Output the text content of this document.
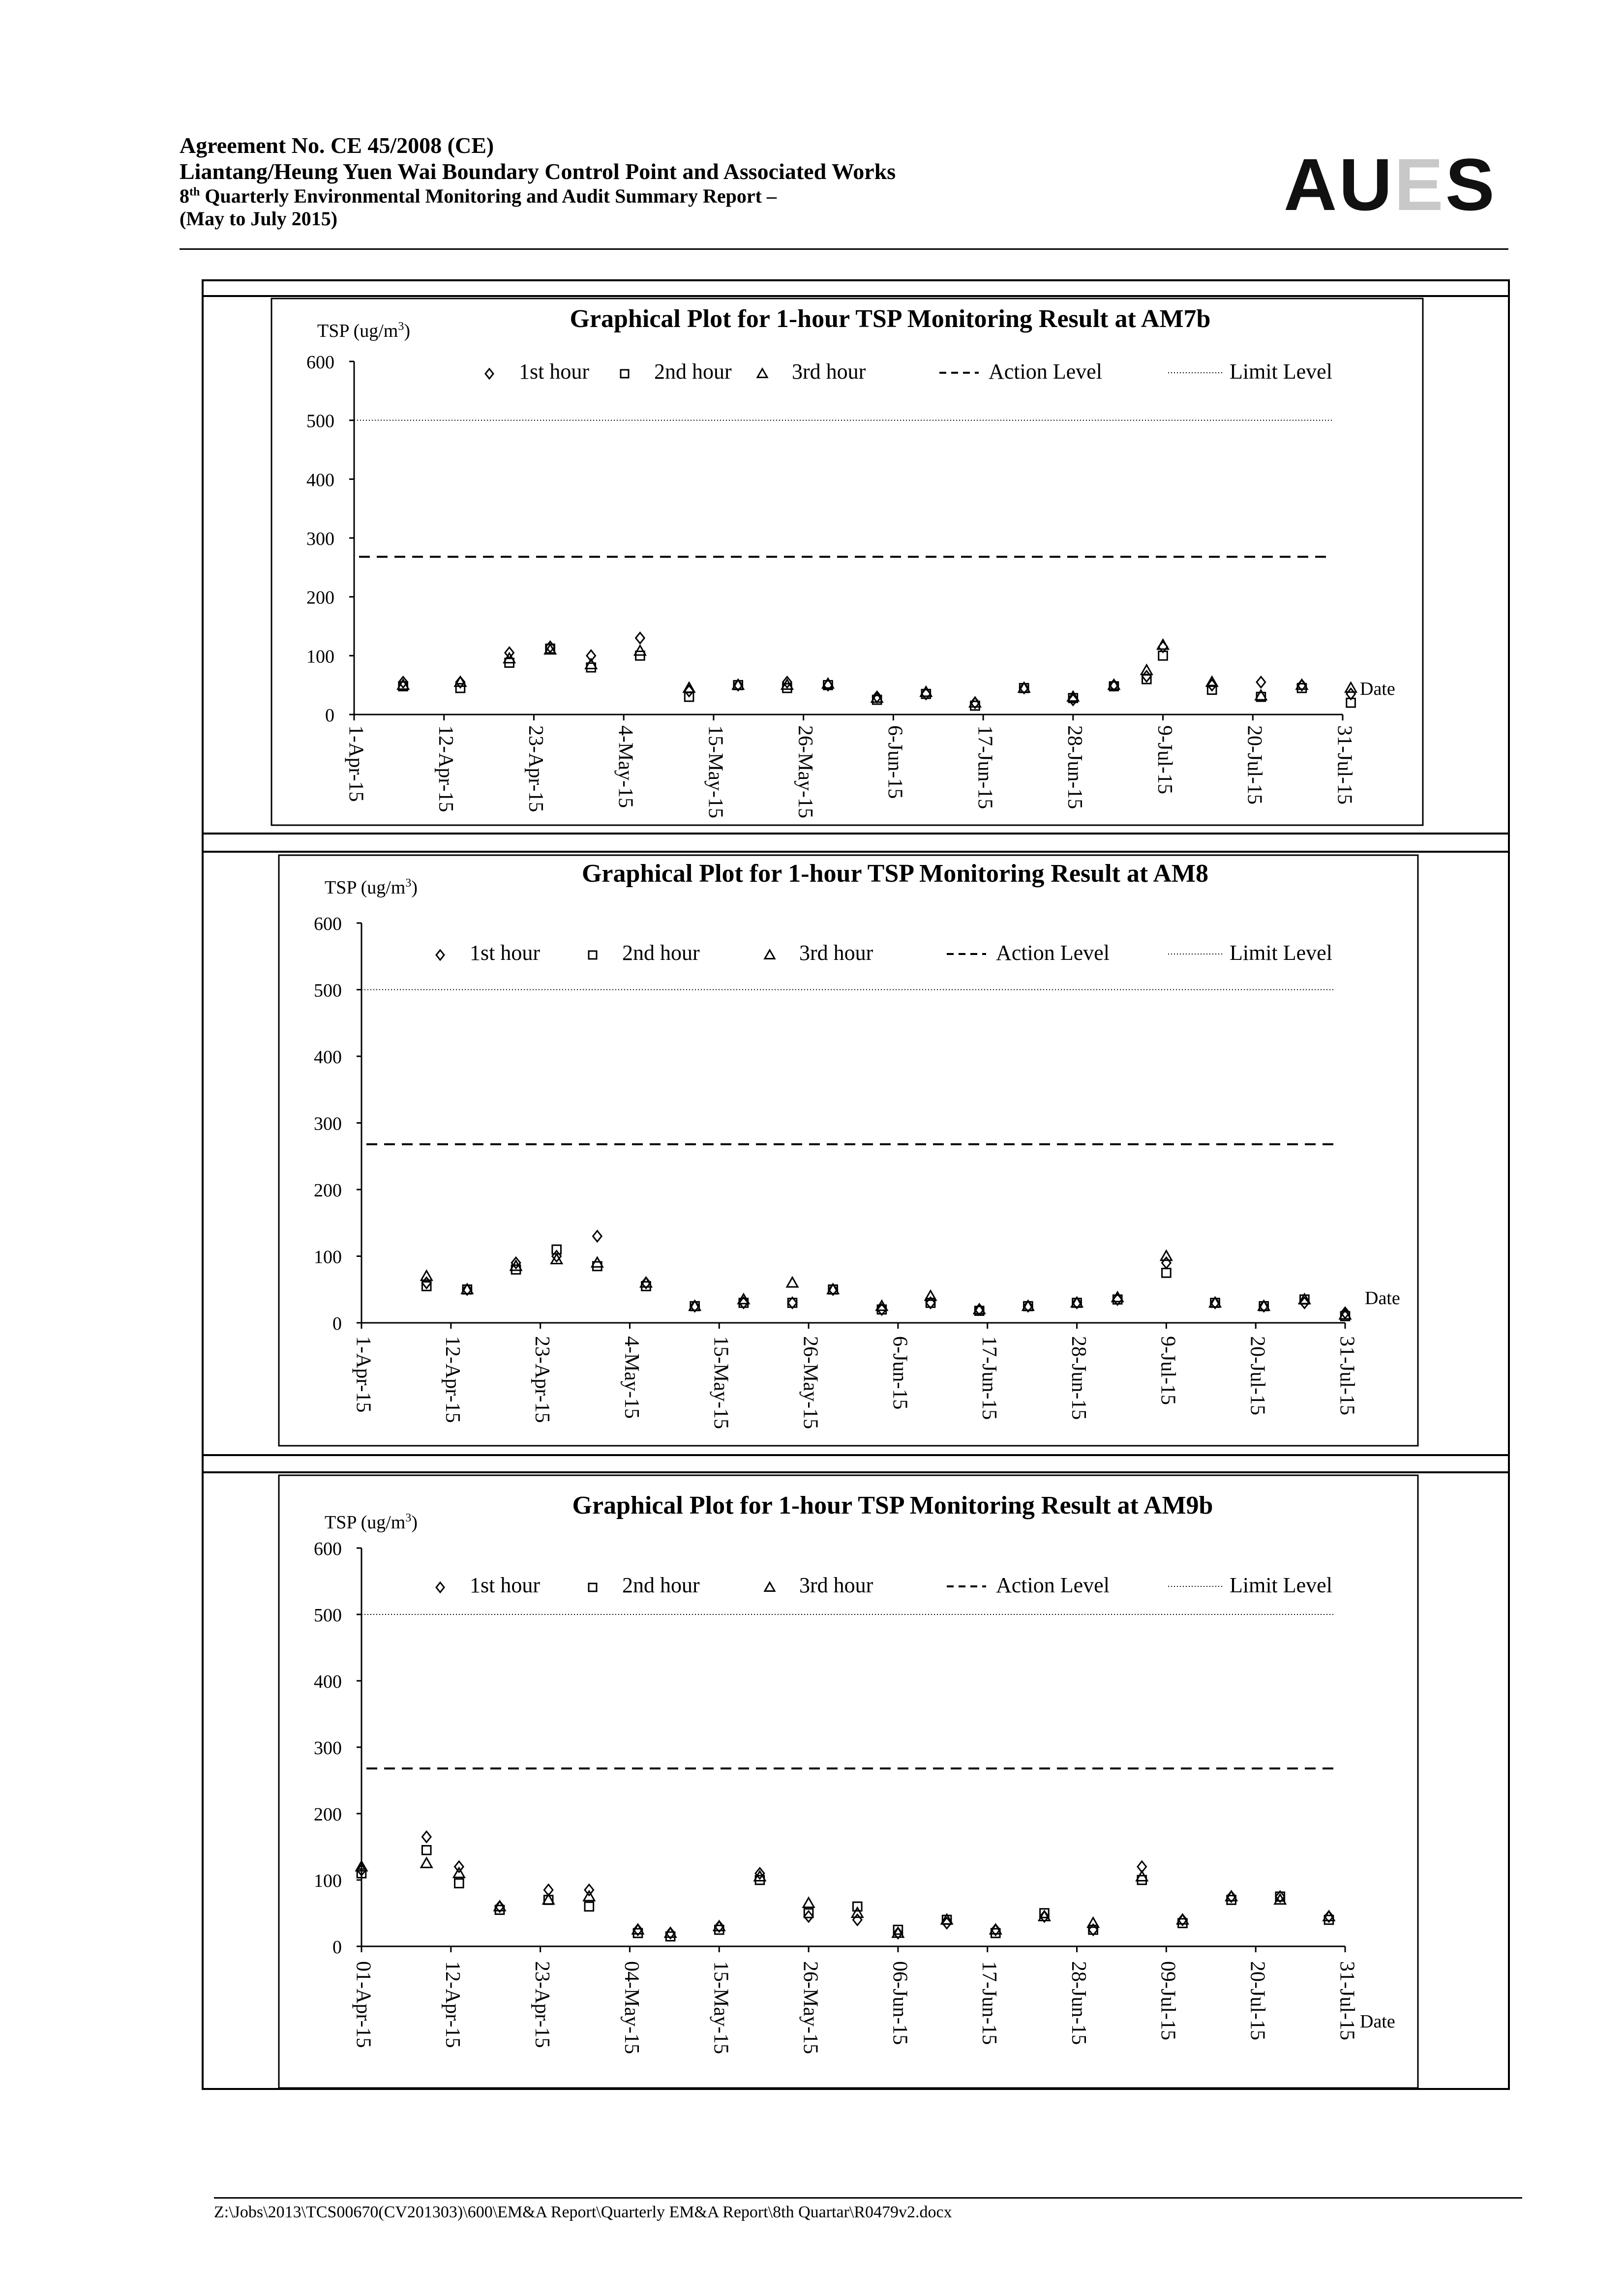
Agreement No. CE 45/2008 (CE)
Liantang/Heung Yuen Wai Boundary Control Point and Associated Works
8th Quarterly Environmental Monitoring and Audit Summary Report –
(May to July 2015)	AUES
Graphical Plot for 1-hour TSP Monitoring Result at AM7b
TSP $(ug/m^3)$
0
100
200
300
400
500
600
1-Apr-15	12-Apr-15	23-Apr-15	4-May-15	15-May-15	26-May-15	6-Jun-15	17-Jun-15	28-Jun-15	9-Jul-15	20-Jul-15	31-Jul-15
Date
1st hour	2nd hour	3rd hour	Action Level	Limit Level
Graphical Plot for 1-hour TSP Monitoring Result at AM8
TSP $(ug/m^3)$
0
100
200
300
400
500
600
1-Apr-15	12-Apr-15	23-Apr-15	4-May-15	15-May-15	26-May-15	6-Jun-15	17-Jun-15	28-Jun-15	9-Jul-15	20-Jul-15	31-Jul-15
Date
1st hour	2nd hour	3rd hour	Action Level	Limit Level
Graphical Plot for 1-hour TSP Monitoring Result at AM9b
TSP $(ug/m^3)$
0
100
200
300
400
500
600
01-Apr-15	12-Apr-15	23-Apr-15	04-May-15	15-May-15	26-May-15	06-Jun-15	17-Jun-15	28-Jun-15	09-Jul-15	20-Jul-15	31-Jul-15 Date
1st hour	2nd hour	3rd hour	Action Level	Limit Level
Z:\Jobs\2013\TCS00670(CV201303)\600\EM&A Report\Quarterly EM&A Report\8th Quartar\R0479v2.docx
